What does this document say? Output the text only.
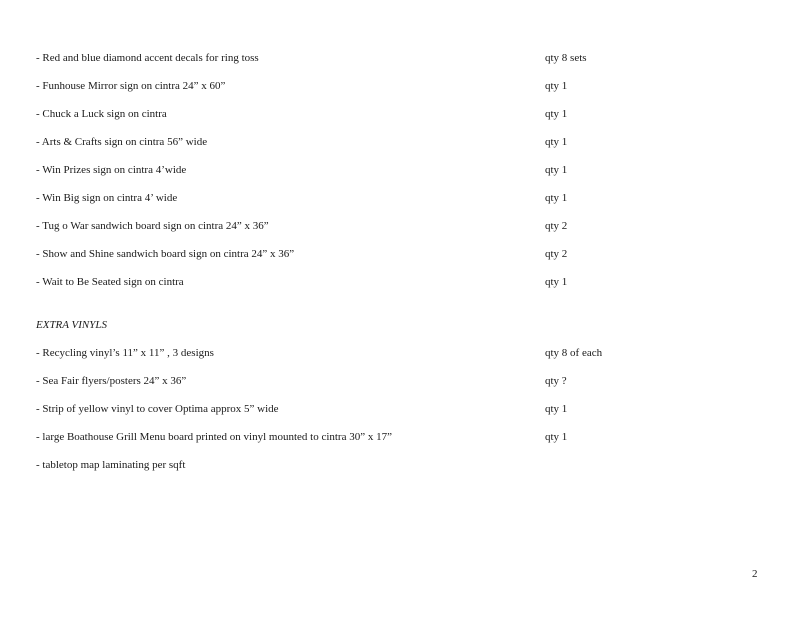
- Red and blue diamond accent decals for ring toss	qty 8 sets
- Funhouse Mirror sign on cintra 24” x 60”	qty 1
- Chuck a Luck sign on cintra	qty 1
- Arts & Crafts sign on cintra 56” wide	qty 1
- Win Prizes sign on cintra 4’wide	qty 1
- Win Big sign on cintra 4’ wide	qty 1
- Tug o War sandwich board sign on cintra 24” x 36”	qty 2
- Show and Shine sandwich board sign on cintra 24” x 36”	qty 2
- Wait to Be Seated sign on cintra	qty 1
EXTRA VINYLS
- Recycling vinyl’s 11” x 11” , 3 designs	qty 8 of each
- Sea Fair flyers/posters 24” x 36”	qty ?
- Strip of yellow vinyl to cover Optima approx 5” wide	qty 1
- large Boathouse Grill Menu board printed on vinyl mounted to cintra 30” x 17”	qty 1
- tabletop map laminating per sqft
2
